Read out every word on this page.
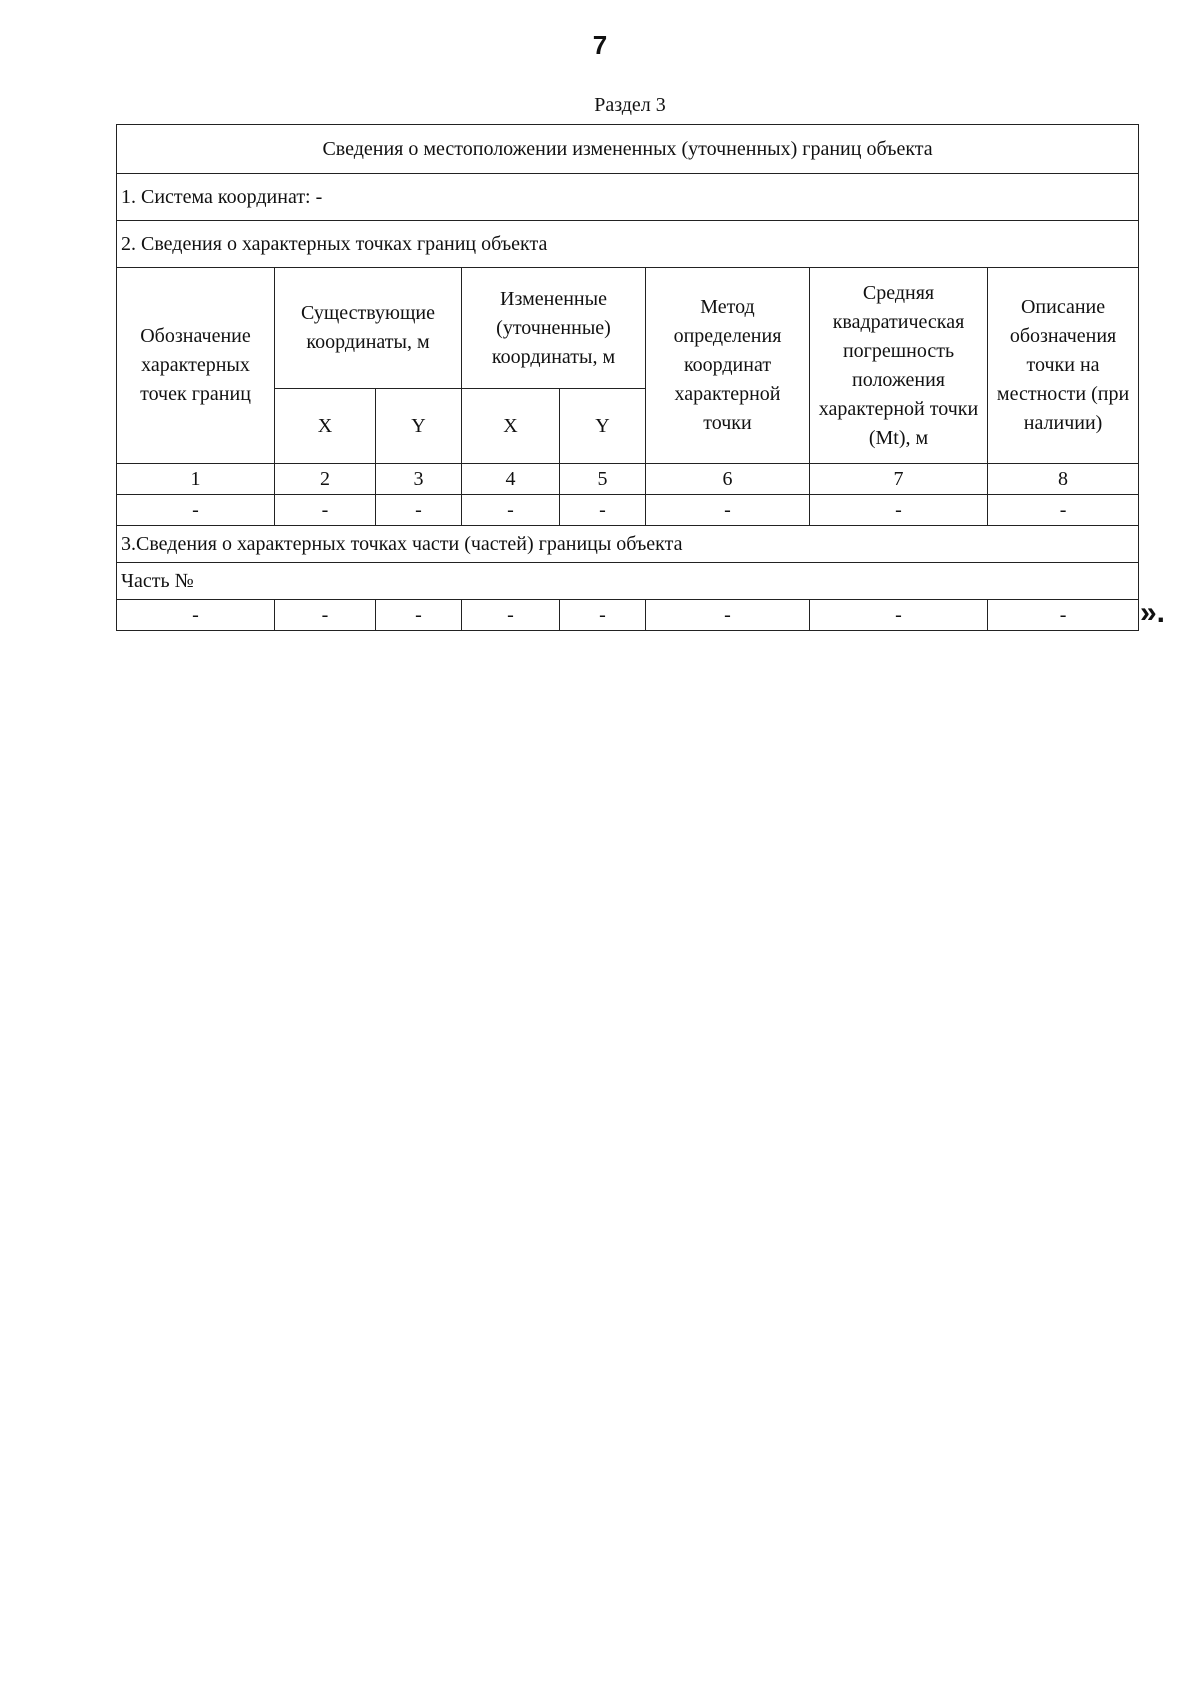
7
Раздел 3
Сведения о местоположении измененных (уточненных) границ объекта							
1. Система координат: -							
2. Сведения о характерных точках границ объекта							
Обозначение характерных точек границ	Существующие координаты, м		Измененные (уточненные) координаты, м		Метод определения координат характерной точки	Средняя квадратическая погрешность положения характерной точки (Mt), м	Описание обозначения точки на местности (при наличии)
	X	Y	X	Y			
1	2	3	4	5	6	7	8
-	-	-	-	-	-	-	-
3.Сведения о характерных точках части (частей) границы объекта							
Часть №							
-	-	-	-	-	-	-	- ».
